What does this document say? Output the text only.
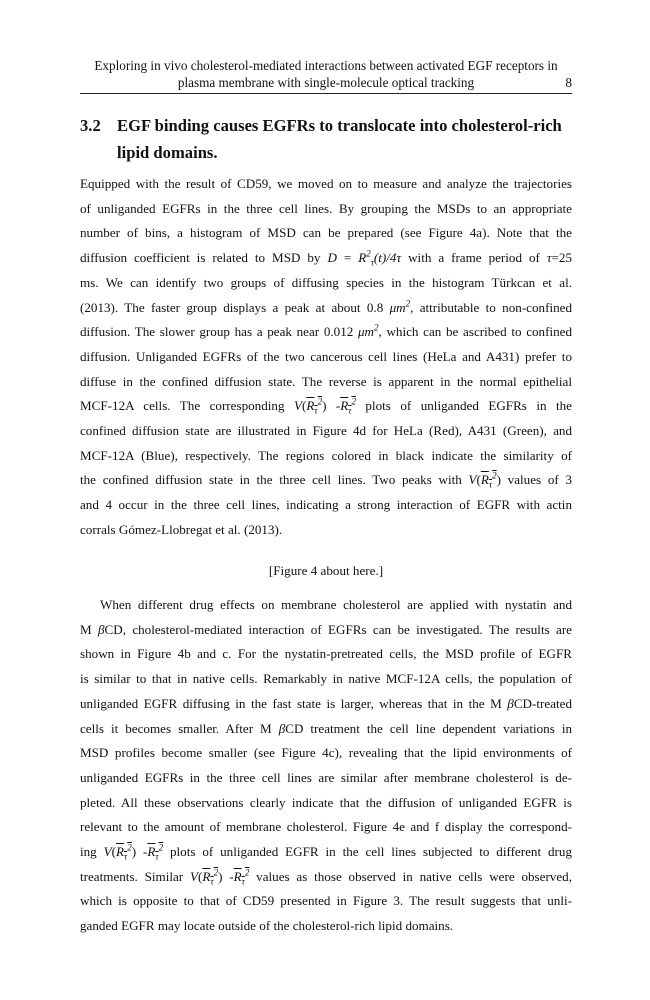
Exploring in vivo cholesterol-mediated interactions between activated EGF receptors in
plasma membrane with single-molecule optical tracking	8
3.2 EGF binding causes EGFRs to translocate into cholesterol-rich lipid domains.
Equipped with the result of CD59, we moved on to measure and analyze the trajectories
of unliganded EGFRs in the three cell lines. By grouping the MSDs to an appropriate
number of bins, a histogram of MSD can be prepared (see Figure 4a). Note that the
diffusion coefficient is related to MSD by $D = R^2_\tau(t)/4\tau$ with a frame period of τ=25
ms. We can identify two groups of diffusing species in the histogram Türkcan et al.
(2013). The faster group displays a peak at about 0.8 $\mu m^2$, attributable to non-confined
diffusion. The slower group has a peak near 0.012 $\mu m^2$, which can be ascribed to confined
diffusion. Unliganded EGFRs of the two cancerous cell lines (HeLa and A431) prefer to
diffuse in the confined diffusion state. The reverse is apparent in the normal epithelial
MCF-12A cells. The corresponding $V(R_\tau^2)$ $-R_\tau^2$ plots of unliganded EGFRs in the
confined diffusion state are illustrated in Figure 4d for HeLa (Red), A431 (Green), and
MCF-12A (Blue), respectively. The regions colored in black indicate the similarity of
the confined diffusion state in the three cell lines. Two peaks with $V(R_\tau^2)$ values of 3
and 4 occur in the three cell lines, indicating a strong interaction of EGFR with actin
corrals Gómez-Llobregat et al. (2013).
[Figure 4 about here.]
When different drug effects on membrane cholesterol are applied with nystatin and
M βCD, cholesterol-mediated interaction of EGFRs can be investigated. The results are
shown in Figure 4b and c. For the nystatin-pretreated cells, the MSD profile of EGFR
is similar to that in native cells. Remarkably in native MCF-12A cells, the population of
unliganded EGFR diffusing in the fast state is larger, whereas that in the M βCD-treated
cells it becomes smaller. After M βCD treatment the cell line dependent variations in
MSD profiles become smaller (see Figure 4c), revealing that the lipid environments of
unliganded EGFRs in the three cell lines are similar after membrane cholesterol is de-
pleted. All these observations clearly indicate that the diffusion of unliganded EGFR is
relevant to the amount of membrane cholesterol. Figure 4e and f display the correspond-
ing $V(R_\tau^2)$ $-R_\tau^2$ plots of unliganded EGFR in the cell lines subjected to different drug
treatments. Similar $V(R_\tau^2)$ $-R_\tau^2$ values as those observed in native cells were observed,
which is opposite to that of CD59 presented in Figure 3. The result suggests that unli-
ganded EGFR may locate outside of the cholesterol-rich lipid domains.
